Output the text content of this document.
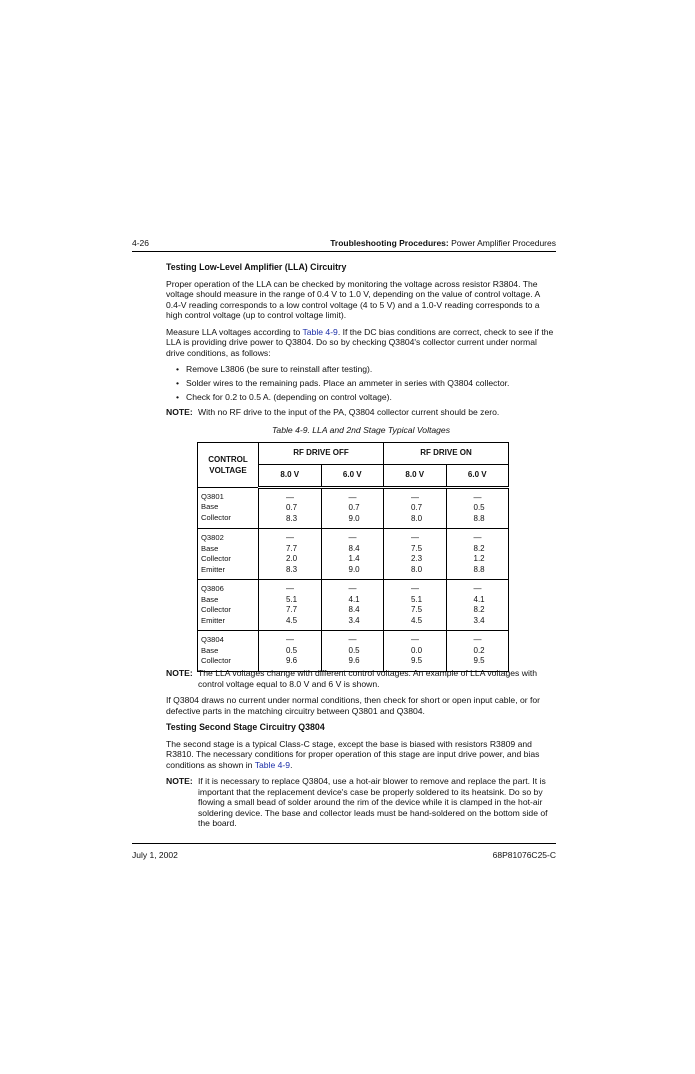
4-26	Troubleshooting Procedures: Power Amplifier Procedures
Testing Low-Level Amplifier (LLA) Circuitry
Proper operation of the LLA can be checked by monitoring the voltage across resistor R3804. The voltage should measure in the range of 0.4 V to 1.0 V, depending on the value of control voltage. A 0.4-V reading corresponds to a low control voltage (4 to 5 V) and a 1.0-V reading corresponds to a high control voltage (up to control voltage limit).
Measure LLA voltages according to Table 4-9. If the DC bias conditions are correct, check to see if the LLA is providing drive power to Q3804. Do so by checking Q3804's collector current under normal drive conditions, as follows:
• Remove L3806 (be sure to reinstall after testing).
• Solder wires to the remaining pads. Place an ammeter in series with Q3804 collector.
• Check for 0.2 to 0.5 A. (depending on control voltage).
NOTE: With no RF drive to the input of the PA, Q3804 collector current should be zero.
Table 4-9. LLA and 2nd Stage Typical Voltages
CONTROL
VOLTAGE	RF DRIVE OFF		RF DRIVE ON	
	8.0 V	6.0 V	8.0 V	6.0 V

Q3801
Base
Collector	—
0.7
8.3	—
0.7
9.0	—
0.7
8.0	—
0.5
8.8

Q3802
Base
Collector
Emitter	—
7.7
2.0
8.3	—
8.4
1.4
9.0	—
7.5
2.3
8.0	—
8.2
1.2
8.8

Q3806
Base
Collector
Emitter	—
5.1
7.7
4.5	—
4.1
8.4
3.4	—
5.1
7.5
4.5	—
4.1
8.2
3.4

Q3804
Base
Collector	—
0.5
9.6	—
0.5
9.6	—
0.0
9.5	—
0.2
9.5
NOTE: The LLA voltages change with different control voltages. An example of LLA voltages with control voltage equal to 8.0 V and 6 V is shown.
If Q3804 draws no current under normal conditions, then check for short or open input cable, or for defective parts in the matching circuitry between Q3801 and Q3804.
Testing Second Stage Circuitry Q3804
The second stage is a typical Class-C stage, except the base is biased with resistors R3809 and R3810. The necessary conditions for proper operation of this stage are input drive power, and bias conditions as shown in Table 4-9.
NOTE: If it is necessary to replace Q3804, use a hot-air blower to remove and replace the part. It is important that the replacement device's case be properly soldered to its heatsink. Do so by flowing a small bead of solder around the rim of the device while it is clamped in the hot-air soldering device. The base and collector leads must be hand-soldered on the bottom side of the board.
July 1, 2002	68P81076C25-C
